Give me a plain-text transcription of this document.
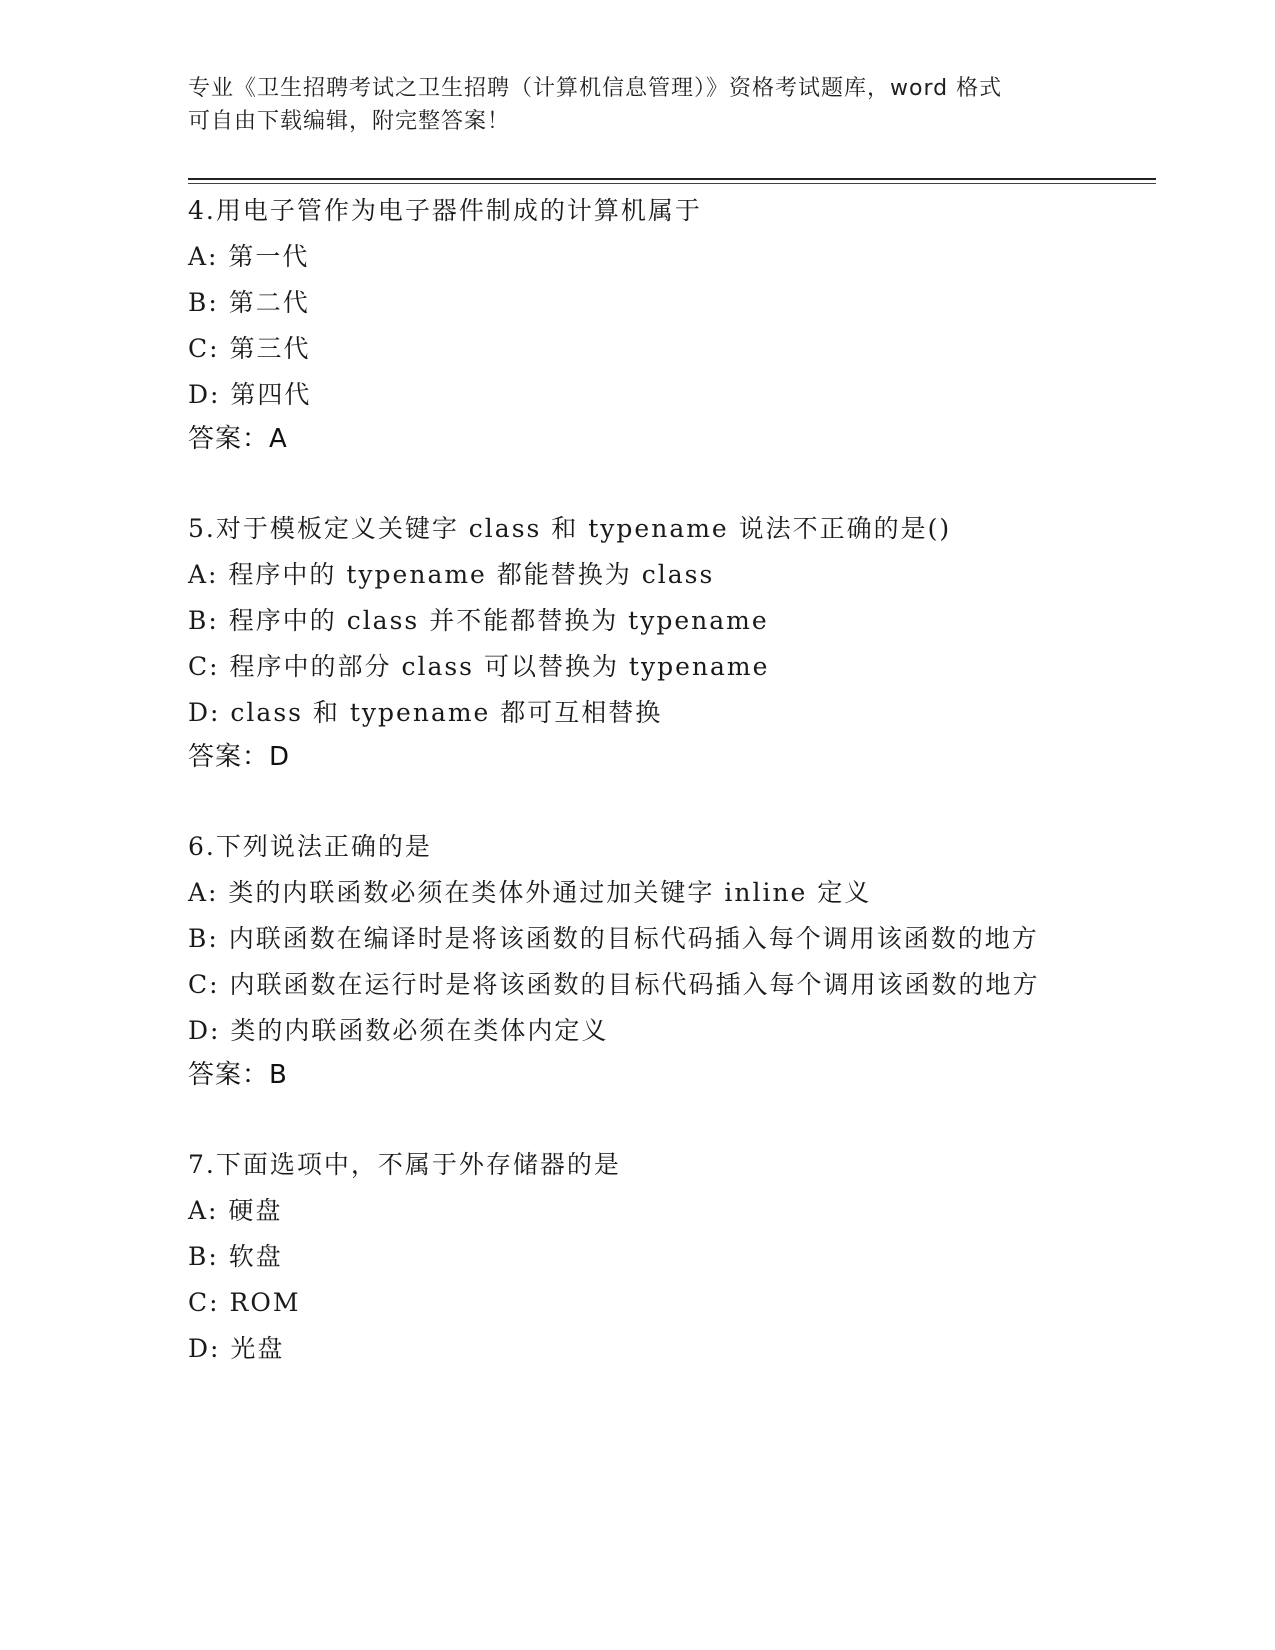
专业《卫生招聘考试之卫生招聘（计算机信息管理）》资格考试题库，word 格式
可自由下载编辑，附完整答案！
4.用电子管作为电子器件制成的计算机属于
A: 第一代
B: 第二代
C: 第三代
D: 第四代
答案：A
5.对于模板定义关键字 class 和 typename 说法不正确的是()
A: 程序中的 typename 都能替换为 class
B: 程序中的 class 并不能都替换为 typename
C: 程序中的部分 class 可以替换为 typename
D: class 和 typename 都可互相替换
答案：D
6.下列说法正确的是
A: 类的内联函数必须在类体外通过加关键字 inline 定义
B: 内联函数在编译时是将该函数的目标代码插入每个调用该函数的地方
C: 内联函数在运行时是将该函数的目标代码插入每个调用该函数的地方
D: 类的内联函数必须在类体内定义
答案：B
7.下面选项中，不属于外存储器的是
A: 硬盘
B: 软盘
C: ROM
D: 光盘
